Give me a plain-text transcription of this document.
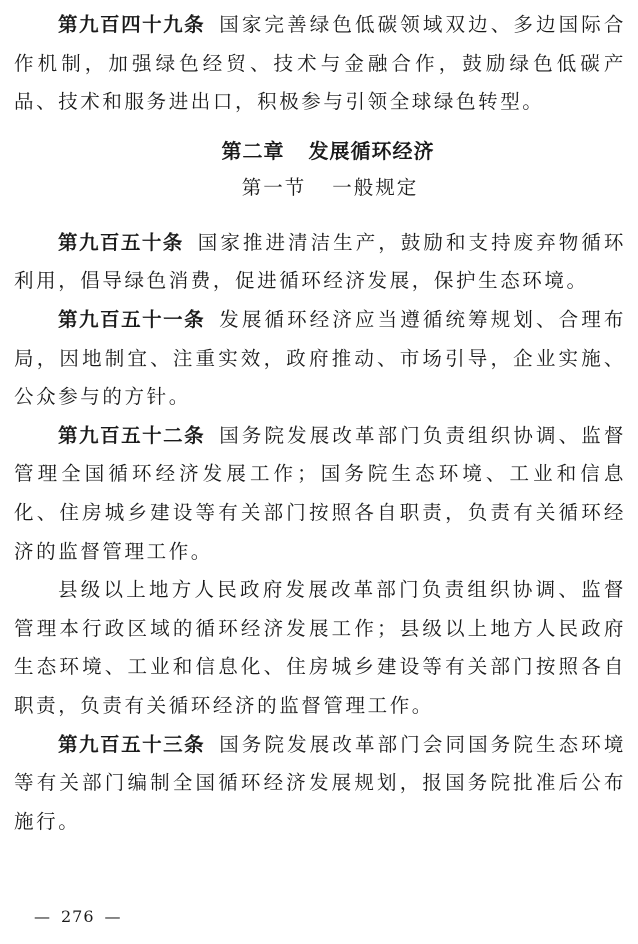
第九百四十九条 国家完善绿色低碳领域双边、多边国际合作机制，加强绿色经贸、技术与金融合作，鼓励绿色低碳产品、技术和服务进出口，积极参与引领全球绿色转型。

第二章 发展循环经济
第一节 一般规定

第九百五十条 国家推进清洁生产，鼓励和支持废弃物循环利用，倡导绿色消费，促进循环经济发展，保护生态环境。

第九百五十一条 发展循环经济应当遵循统筹规划、合理布局，因地制宜、注重实效，政府推动、市场引导，企业实施、公众参与的方针。

第九百五十二条 国务院发展改革部门负责组织协调、监督管理全国循环经济发展工作；国务院生态环境、工业和信息化、住房城乡建设等有关部门按照各自职责，负责有关循环经济的监督管理工作。

县级以上地方人民政府发展改革部门负责组织协调、监督管理本行政区域的循环经济发展工作；县级以上地方人民政府生态环境、工业和信息化、住房城乡建设等有关部门按照各自职责，负责有关循环经济的监督管理工作。

第九百五十三条 国务院发展改革部门会同国务院生态环境等有关部门编制全国循环经济发展规划，报国务院批准后公布施行。

— 276 —
